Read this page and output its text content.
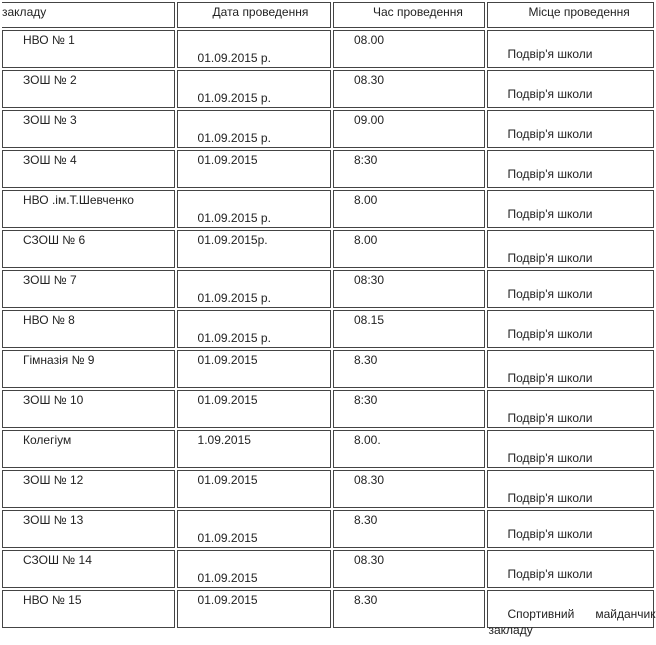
закладу	Дата проведення	Час проведення	Місце проведення

НВО № 1	01.09.2015 р.	08.00	Подвір'я школи

ЗОШ № 2	01.09.2015 р.	08.30	Подвір'я школи

ЗОШ № 3	01.09.2015 р.	09.00	Подвір'я школи

ЗОШ № 4	01.09.2015	8:30	Подвір'я школи

НВО .ім.Т.Шевченко	01.09.2015 р.	8.00	Подвір'я школи

СЗОШ № 6	01.09.2015р.	8.00	Подвір'я школи

ЗОШ № 7	01.09.2015 р.	08:30	Подвір'я школи

НВО № 8	01.09.2015 р.	08.15	Подвір'я школи

Гімназія № 9	01.09.2015	8.30	Подвір'я школи

ЗОШ № 10	01.09.2015	8:30	Подвір'я школи

Колегіум	1.09.2015	8.00.	Подвір'я школи

ЗОШ № 12	01.09.2015	08.30	Подвір'я школи

ЗОШ № 13	01.09.2015	8.30	Подвір'я школи

СЗОШ № 14	01.09.2015	08.30	Подвір'я школи

НВО № 15	01.09.2015	8.30	Спортивний майданчик
закладу
